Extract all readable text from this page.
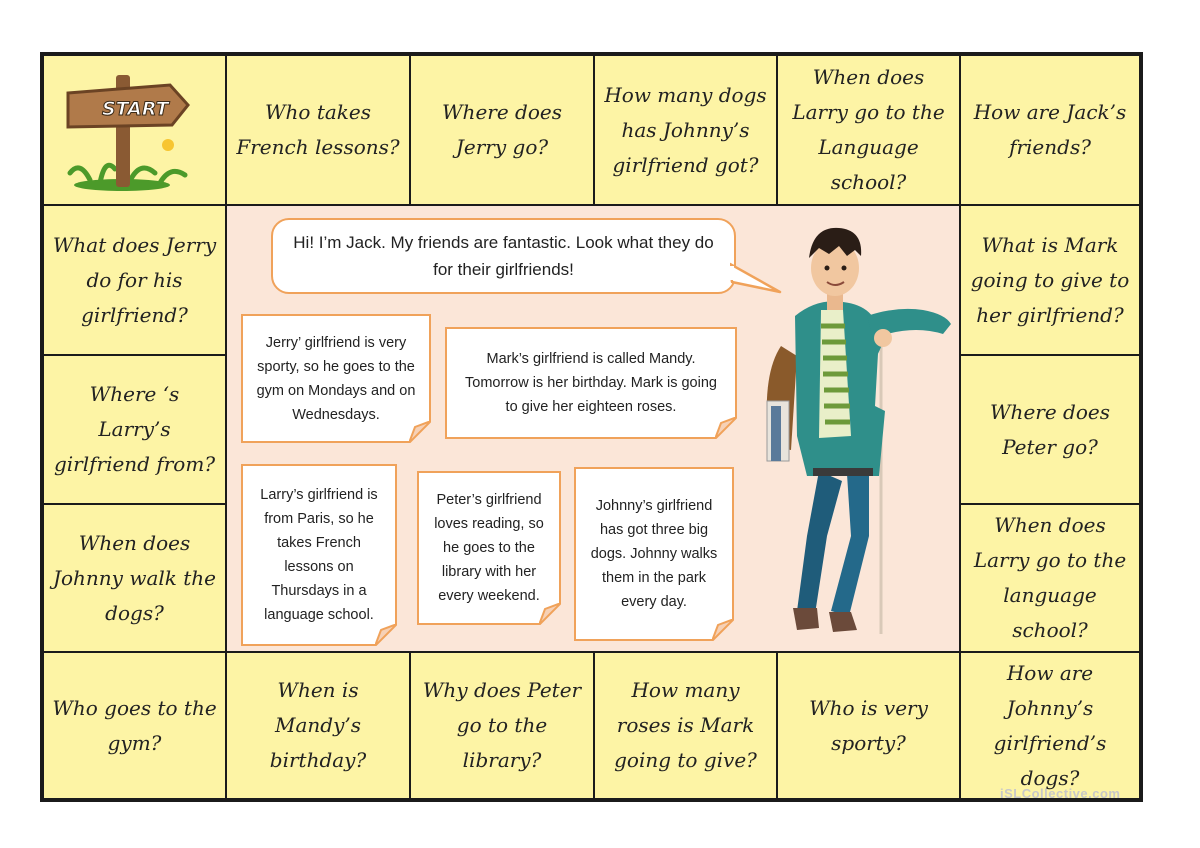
START	Who takes French lessons?
Where does Jerry go?
How many dogs has Johnny’s girlfriend got?
When does Larry go to the Language school?
How are Jack’s friends?
What does Jerry do for his girlfriend?
Where ‘s Larry’s girlfriend from?
When does Johnny walk the dogs?
What is Mark going to give to her girlfriend?
Where does Peter go?
When does Larry go to the language school?
Who goes to the gym?
When is Mandy’s birthday?
Why does Peter go to the library?
How many roses is Mark going to give?
Who is very sporty?
How are Johnny’s girlfriend’s dogs?
Hi! I’m Jack. My friends are fantastic. Look what they do for their girlfriends!
Jerry’ girlfriend is very sporty, so he goes to the gym on Mondays and on Wednesdays.
Mark’s girlfriend is called Mandy. Tomorrow is her birthday. Mark is going to give her eighteen roses.
Larry’s girlfriend is from Paris, so he takes French lessons on Thursdays in a language school.
Peter’s girlfriend loves reading, so he goes to the library with her every weekend.
Johnny’s girlfriend has got three big dogs. Johnny walks them in the park every day.
iSLCollective.com
